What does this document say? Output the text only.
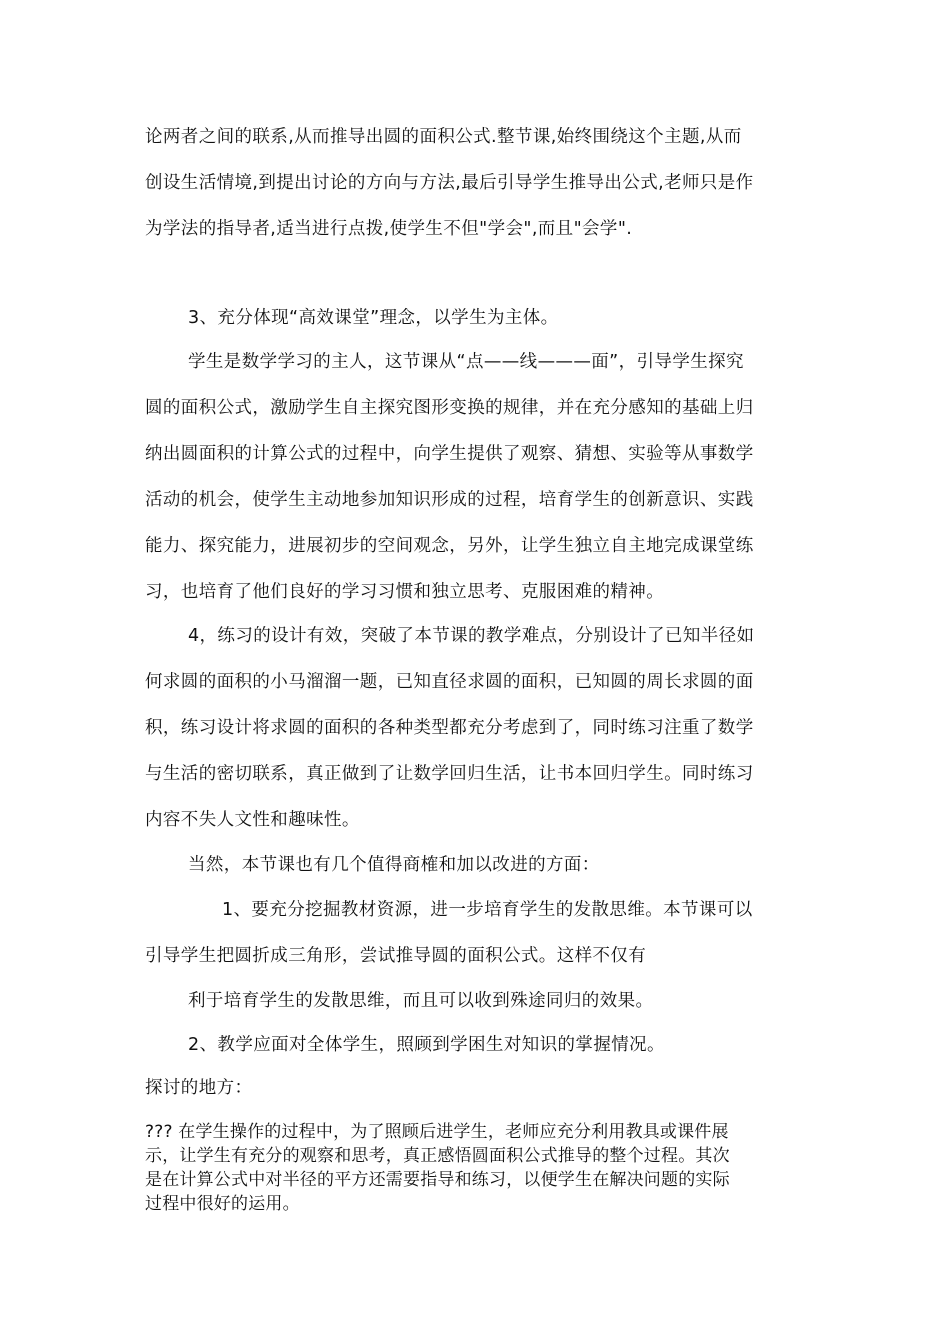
论两者之间的联系,从而推导出圆的面积公式.整节课,始终围绕这个主题,从而
创设生活情境,到提出讨论的方向与方法,最后引导学生推导出公式,老师只是作
为学法的指导者,适当进行点拨,使学生不但"学会",而且"会学".
3、充分体现“高效课堂”理念，以学生为主体。
学生是数学学习的主人，这节课从“点——线———面”，引导学生探究
圆的面积公式，激励学生自主探究图形变换的规律，并在充分感知的基础上归
纳出圆面积的计算公式的过程中，向学生提供了观察、猜想、实验等从事数学
活动的机会，使学生主动地参加知识形成的过程，培育学生的创新意识、实践
能力、探究能力，进展初步的空间观念，另外，让学生独立自主地完成课堂练
习，也培育了他们良好的学习习惯和独立思考、克服困难的精神。
4，练习的设计有效，突破了本节课的教学难点，分别设计了已知半径如
何求圆的面积的小马溜溜一题，已知直径求圆的面积，已知圆的周长求圆的面
积，练习设计将求圆的面积的各种类型都充分考虑到了，同时练习注重了数学
与生活的密切联系，真正做到了让数学回归生活，让书本回归学生。同时练习
内容不失人文性和趣味性。
当然，本节课也有几个值得商榷和加以改进的方面：
1、要充分挖掘教材资源，进一步培育学生的发散思维。本节课可以
引导学生把圆折成三角形，尝试推导圆的面积公式。这样不仅有
利于培育学生的发散思维，而且可以收到殊途同归的效果。
2、教学应面对全体学生，照顾到学困生对知识的掌握情况。
探讨的地方：
??? 在学生操作的过程中，为了照顾后进学生，老师应充分利用教具或课件展
示，让学生有充分的观察和思考，真正感悟圆面积公式推导的整个过程。其次
是在计算公式中对半径的平方还需要指导和练习，以便学生在解决问题的实际
过程中很好的运用。
